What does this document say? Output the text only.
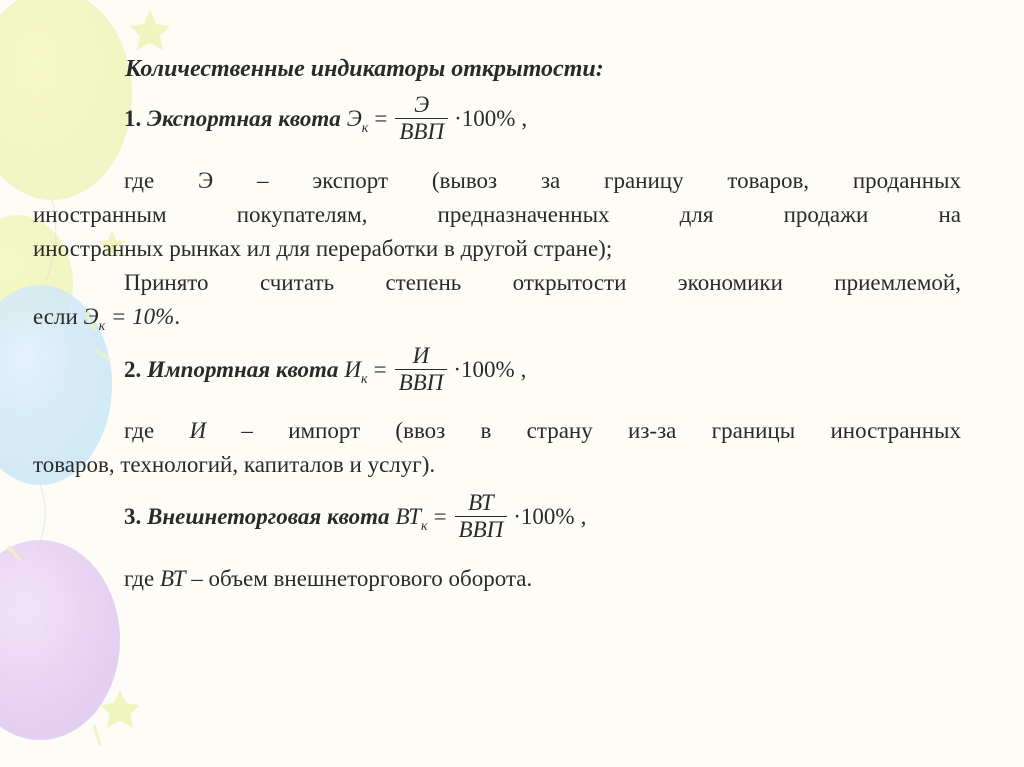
Количественные индикаторы открытости:
1. Экспортная квота $Э_к = \frac{Э}{\text{ВВП}} \cdot 100\%$ ,
где Э – экспорт (вывоз за границу товаров, проданных
иностранным покупателям, предназначенных для продажи на
иностранных рынках ил для переработки в другой стране);
Принято считать степень открытости экономики приемлемой,
если $Э_к = 10\%$.
2. Импортная квота $И_к = \frac{И}{\text{ВВП}} \cdot 100\%$ ,
где И – импорт (ввоз в страну из-за границы иностранных
товаров, технологий, капиталов и услуг).
3. Внешнеторговая квота $ВТ_к = \frac{ВТ}{\text{ВВП}} \cdot 100\%$ ,
где ВТ – объем внешнеторгового оборота.
